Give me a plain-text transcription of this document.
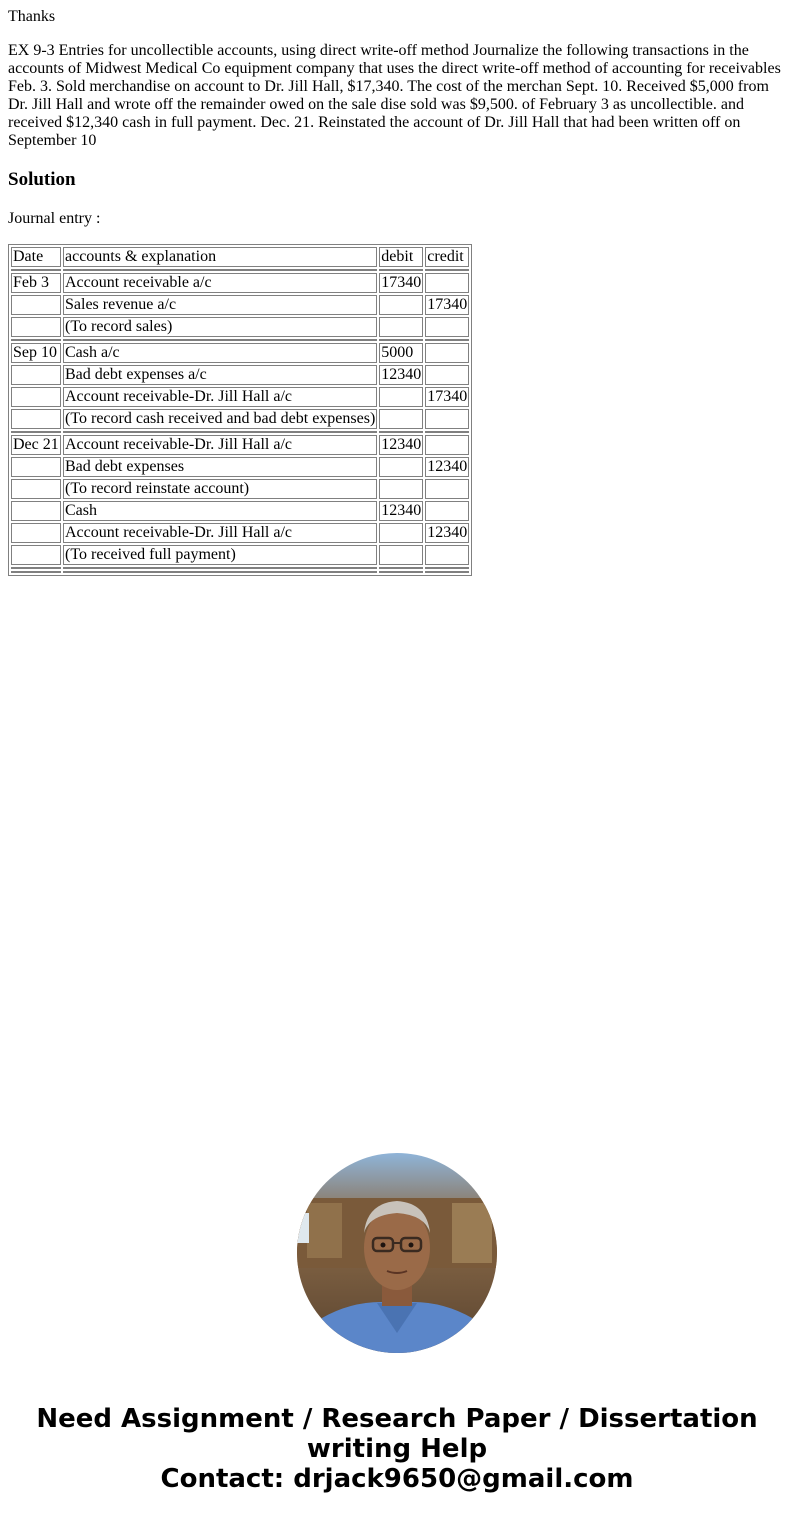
Thanks

EX 9-3 Entries for uncollectible accounts, using direct write-off method Journalize the following transactions in the accounts of Midwest Medical Co equipment company that uses the direct write-off method of accounting for receivables Feb. 3. Sold merchandise on account to Dr. Jill Hall, $17,340. The cost of the merchan Sept. 10. Received $5,000 from Dr. Jill Hall and wrote off the remainder owed on the sale dise sold was $9,500. of February 3 as uncollectible. and received $12,340 cash in full payment. Dec. 21. Reinstated the account of Dr. Jill Hall that had been written off on September 10

Solution

Journal entry :

Date	accounts & explanation	debit	credit

Feb 3	Account receivable a/c	17340	
	Sales revenue a/c		17340
	(To record sales)		

Sep 10	Cash a/c	5000	
	Bad debt expenses a/c	12340	
	Account receivable-Dr. Jill Hall a/c		17340
	(To record cash received and bad debt expenses)		

Dec 21	Account receivable-Dr. Jill Hall a/c	12340	
	Bad debt expenses		12340
	(To record reinstate account)		
	Cash	12340	
	Account receivable-Dr. Jill Hall a/c		12340
	(To received full payment)		

Need Assignment / Research Paper / Dissertation
writing Help
Contact: drjack9650@gmail.com
